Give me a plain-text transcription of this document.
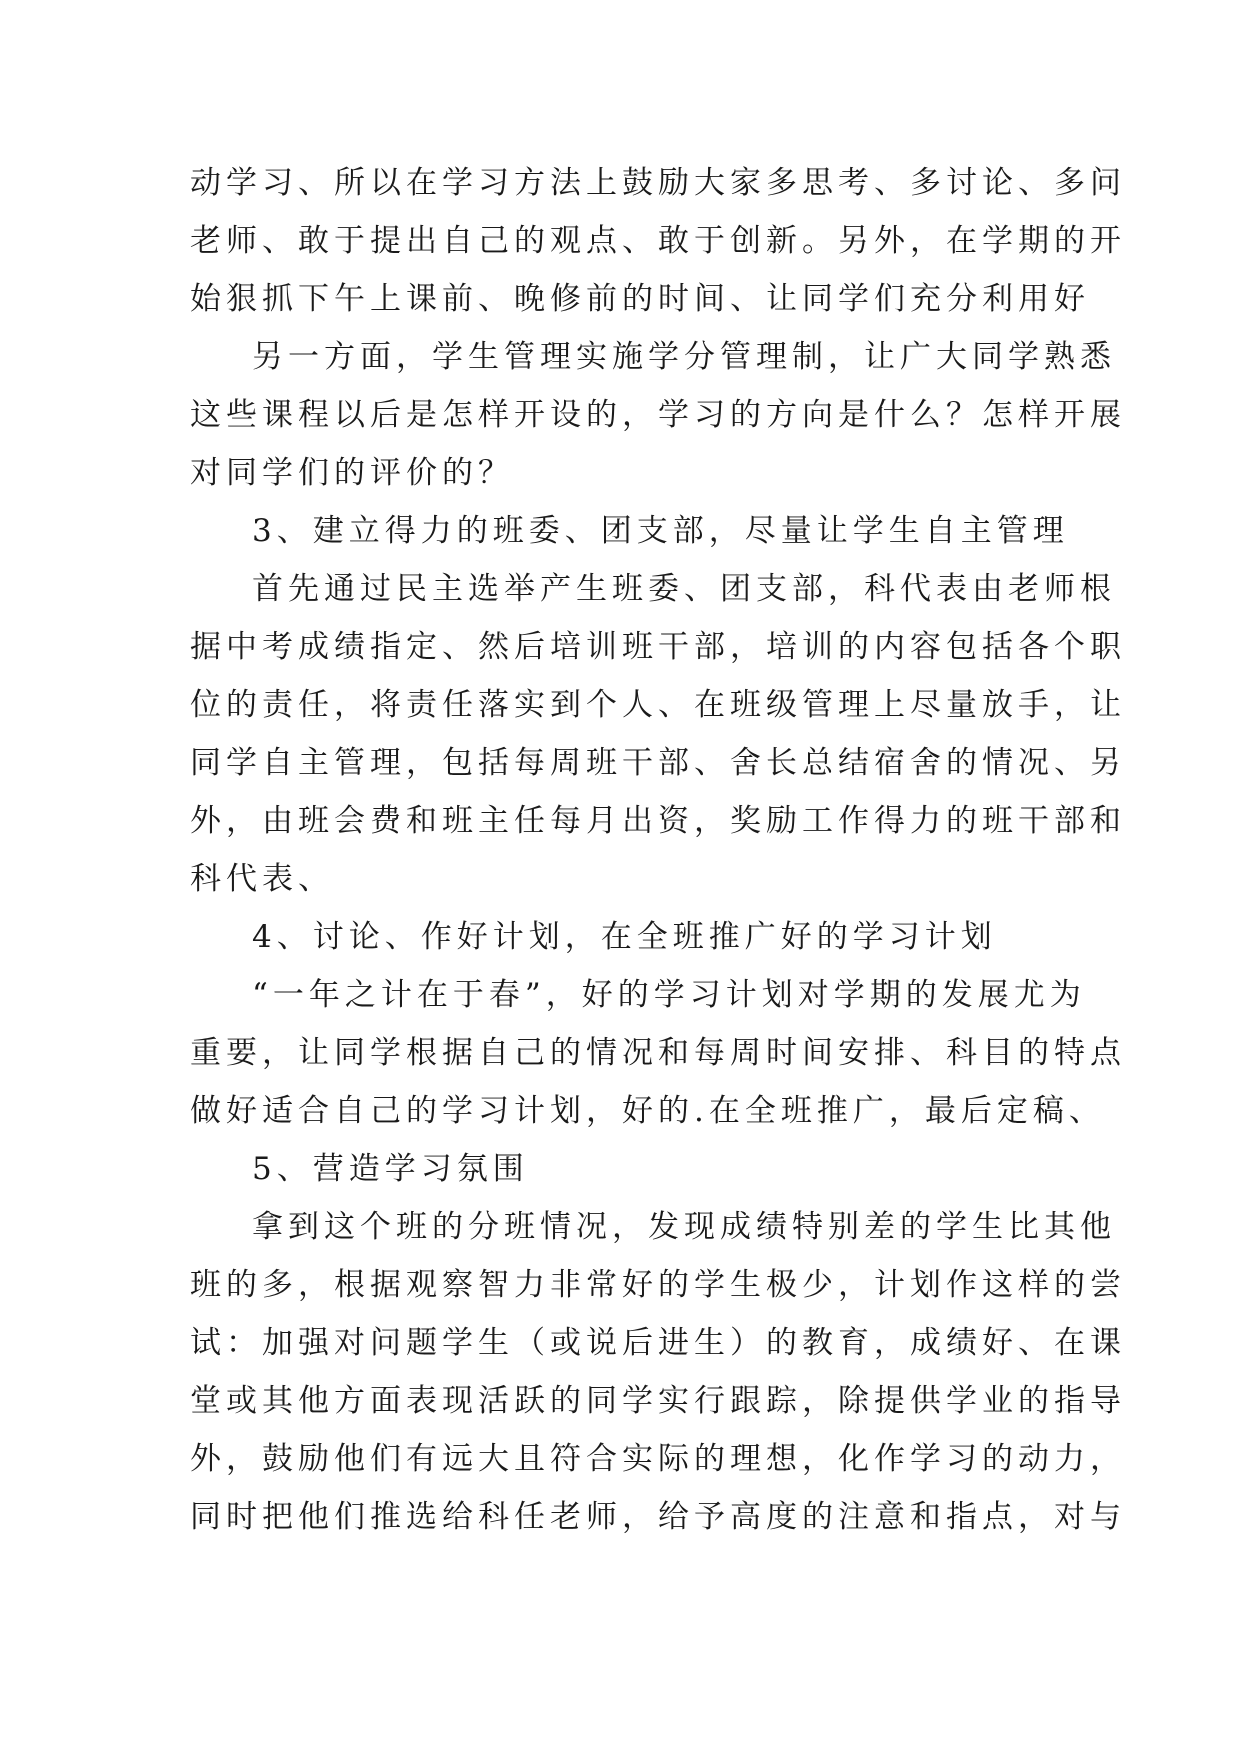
动学习、所以在学习方法上鼓励大家多思考、多讨论、多问
老师、敢于提出自己的观点、敢于创新。另外，在学期的开
始狠抓下午上课前、晚修前的时间、让同学们充分利用好
另一方面，学生管理实施学分管理制，让广大同学熟悉
这些课程以后是怎样开设的，学习的方向是什么？怎样开展
对同学们的评价的？
3、建立得力的班委、团支部，尽量让学生自主管理
首先通过民主选举产生班委、团支部，科代表由老师根
据中考成绩指定、然后培训班干部，培训的内容包括各个职
位的责任，将责任落实到个人、在班级管理上尽量放手，让
同学自主管理，包括每周班干部、舍长总结宿舍的情况、另
外，由班会费和班主任每月出资，奖励工作得力的班干部和
科代表、
4、讨论、作好计划，在全班推广好的学习计划
“一年之计在于春”，好的学习计划对学期的发展尤为
重要，让同学根据自己的情况和每周时间安排、科目的特点
做好适合自己的学习计划，好的.在全班推广，最后定稿、
5、营造学习氛围
拿到这个班的分班情况，发现成绩特别差的学生比其他
班的多，根据观察智力非常好的学生极少，计划作这样的尝
试：加强对问题学生（或说后进生）的教育，成绩好、在课
堂或其他方面表现活跃的同学实行跟踪，除提供学业的指导
外，鼓励他们有远大且符合实际的理想，化作学习的动力，
同时把他们推选给科任老师，给予高度的注意和指点，对与
